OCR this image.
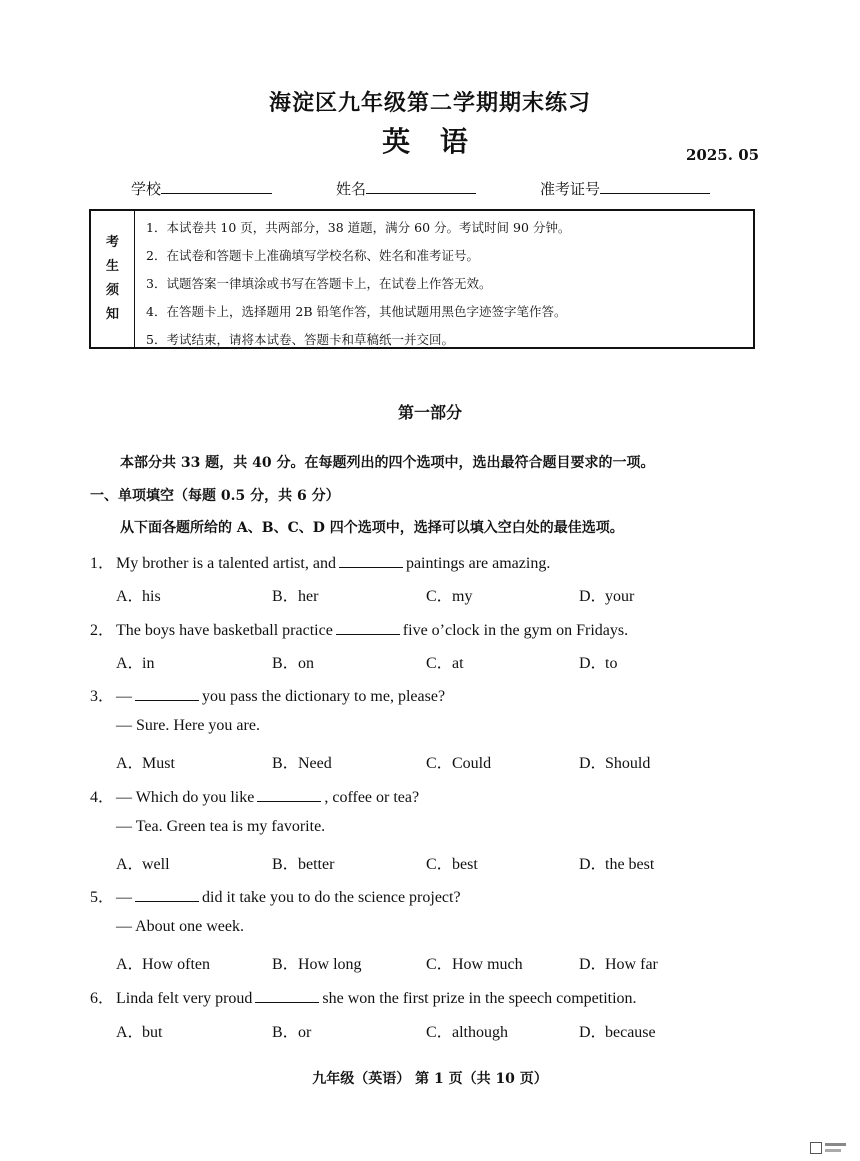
海淀区九年级第二学期期末练习
英 语	2025. 05
学校	姓名	准考证号
考
生
须
知
1．本试卷共 10 页，共两部分，38 道题，满分 60 分。考试时间 90 分钟。
2．在试卷和答题卡上准确填写学校名称、姓名和准考证号。
3．试题答案一律填涂或书写在答题卡上，在试卷上作答无效。
4．在答题卡上，选择题用 2B 铅笔作答，其他试题用黑色字迹签字笔作答。
5．考试结束，请将本试卷、答题卡和草稿纸一并交回。
第一部分
本部分共 33 题，共 40 分。在每题列出的四个选项中，选出最符合题目要求的一项。
一、单项填空（每题 0.5 分，共 6 分）
从下面各题所给的 A、B、C、D 四个选项中，选择可以填入空白处的最佳选项。
1． My brother is a talented artist, and	paintings are amazing.
A．his	B．her	C．my	D．your
2． The boys have basketball practice	five o’clock in the gym on Fridays.
A．in	B．on	C．at	D．to
3． —	you pass the dictionary to me, please?
— Sure. Here you are.
A．Must	B．Need	C．Could	D．Should
4． — Which do you like	, coffee or tea?
— Tea. Green tea is my favorite.
A．well	B．better	C．best	D．the best
5． —	did it take you to do the science project?
— About one week.
A．How often	B．How long	C．How much	D．How far
6． Linda felt very proud	she won the first prize in the speech competition.
A．but	B．or	C．although	D．because
九年级（英语） 第 1 页（共 10 页）
